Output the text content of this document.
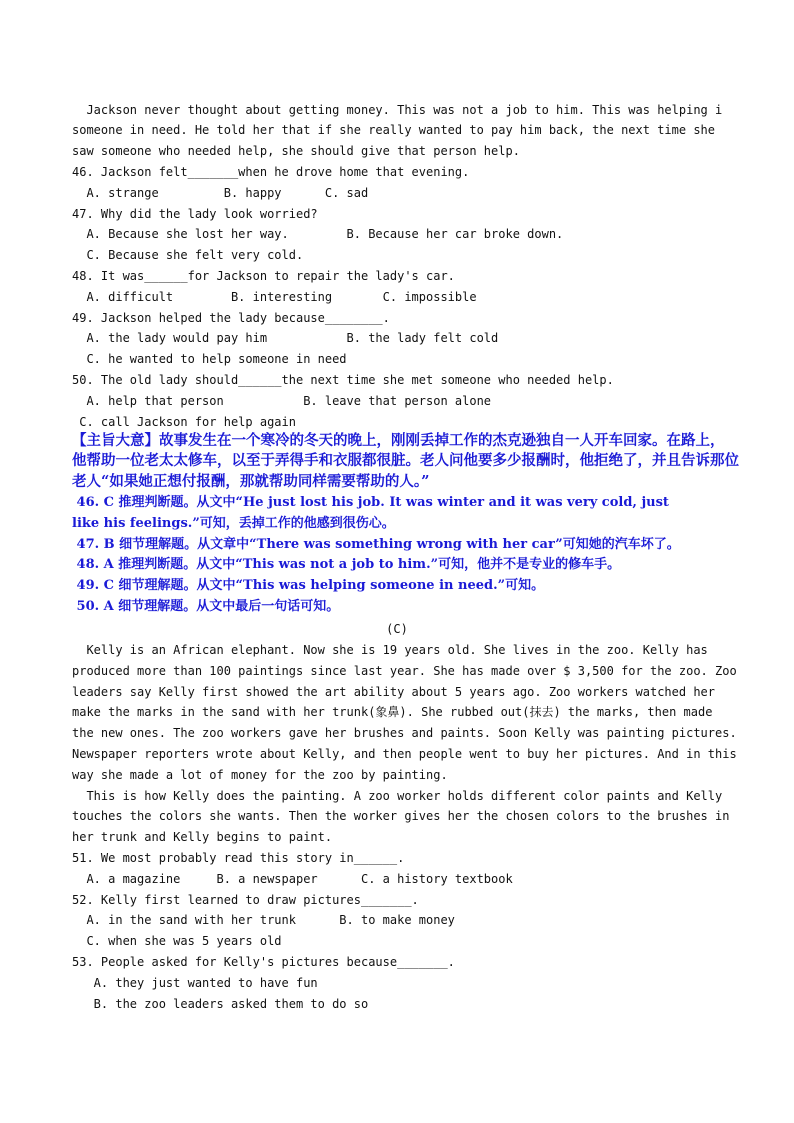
Jackson never thought about getting money. This was not a job to him. This was helping i
someone in need. He told her that if she really wanted to pay him back, the next time she
saw someone who needed help, she should give that person help.
46. Jackson felt_______when he drove home that evening.
A. strange         B. happy      C. sad
47. Why did the lady look worried?
A. Because she lost her way.        B. Because her car broke down.
C. Because she felt very cold.
48. It was______for Jackson to repair the lady's car.
A. difficult        B. interesting       C. impossible
49. Jackson helped the lady because________.
A. the lady would pay him           B. the lady felt cold
C. he wanted to help someone in need
50. The old lady should______the next time she met someone who needed help.
A. help that person           B. leave that person alone
C. call Jackson for help again
【主旨大意】故事发生在一个寒冷的冬天的晚上，刚刚丢掉工作的杰克逊独自一人开车回家。在路上，
他帮助一位老太太修车，以至于弄得手和衣服都很脏。老人问他要多少报酬时，他拒绝了，并且告诉那位
老人“如果她正想付报酬，那就帮助同样需要帮助的人。”
46. C 推理判断题。从文中“He just lost his job. It was winter and it was very cold, just
like his feelings.”可知，丢掉工作的他感到很伤心。
47. B 细节理解题。从文章中“There was something wrong with her car”可知她的汽车坏了。
48. A 推理判断题。从文中“This was not a job to him.”可知，他并不是专业的修车手。
49. C 细节理解题。从文中“This was helping someone in need.”可知。
50. A 细节理解题。从文中最后一句话可知。
(C)
Kelly is an African elephant. Now she is 19 years old. She lives in the zoo. Kelly has
produced more than 100 paintings since last year. She has made over $ 3,500 for the zoo. Zoo
leaders say Kelly first showed the art ability about 5 years ago. Zoo workers watched her
make the marks in the sand with her trunk(象鼻). She rubbed out(抹去) the marks, then made
the new ones. The zoo workers gave her brushes and paints. Soon Kelly was painting pictures.
Newspaper reporters wrote about Kelly, and then people went to buy her pictures. And in this
way she made a lot of money for the zoo by painting.
This is how Kelly does the painting. A zoo worker holds different color paints and Kelly
touches the colors she wants. Then the worker gives her the chosen colors to the brushes in
her trunk and Kelly begins to paint.
51. We most probably read this story in______.
A. a magazine     B. a newspaper      C. a history textbook
52. Kelly first learned to draw pictures_______.
A. in the sand with her trunk      B. to make money
C. when she was 5 years old
53. People asked for Kelly's pictures because_______.
A. they just wanted to have fun
B. the zoo leaders asked them to do so
